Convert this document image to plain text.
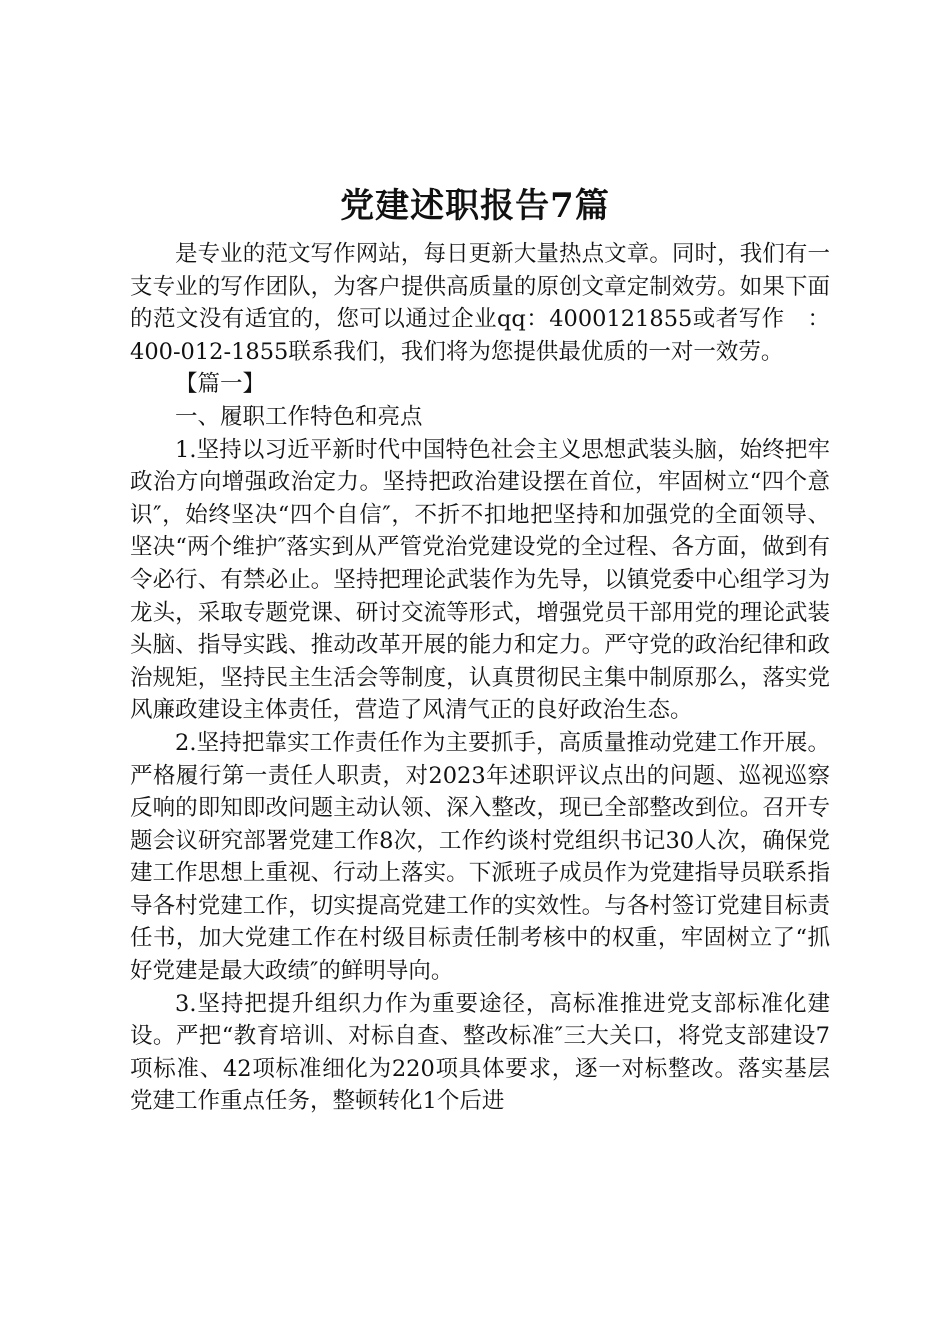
党建述职报告7篇

是专业的范文写作网站，每日更新大量热点文章。同时，我们有一支专业的写作团队，为客户提供高质量的原创文章定制效劳。如果下面的范文没有适宜的，您可以通过企业qq：4000121855或者写作　：400-012-1855联系我们，我们将为您提供最优质的一对一效劳。

【篇一】

一、履职工作特色和亮点

1.坚持以习近平新时代中国特色社会主义思想武装头脑，始终把牢政治方向增强政治定力。坚持把政治建设摆在首位，牢固树立“四个意识″，始终坚决“四个自信″，不折不扣地把坚持和加强党的全面领导、坚决“两个维护″落实到从严管党治党建设党的全过程、各方面，做到有令必行、有禁必止。坚持把理论武装作为先导，以镇党委中心组学习为龙头，采取专题党课、研讨交流等形式，增强党员干部用党的理论武装头脑、指导实践、推动改革开展的能力和定力。严守党的政治纪律和政治规矩，坚持民主生活会等制度，认真贯彻民主集中制原那么，落实党风廉政建设主体责任，营造了风清气正的良好政治生态。

2.坚持把靠实工作责任作为主要抓手，高质量推动党建工作开展。严格履行第一责任人职责，对2023年述职评议点出的问题、巡视巡察反响的即知即改问题主动认领、深入整改，现已全部整改到位。召开专题会议研究部署党建工作8次，工作约谈村党组织书记30人次，确保党建工作思想上重视、行动上落实。下派班子成员作为党建指导员联系指导各村党建工作，切实提高党建工作的实效性。与各村签订党建目标责任书，加大党建工作在村级目标责任制考核中的权重，牢固树立了“抓好党建是最大政绩″的鲜明导向。

3.坚持把提升组织力作为重要途径，高标准推进党支部标准化建设。严把“教育培训、对标自查、整改标准″三大关口，将党支部建设7项标准、42项标准细化为220项具体要求，逐一对标整改。落实基层党建工作重点任务，整顿转化1个后进
